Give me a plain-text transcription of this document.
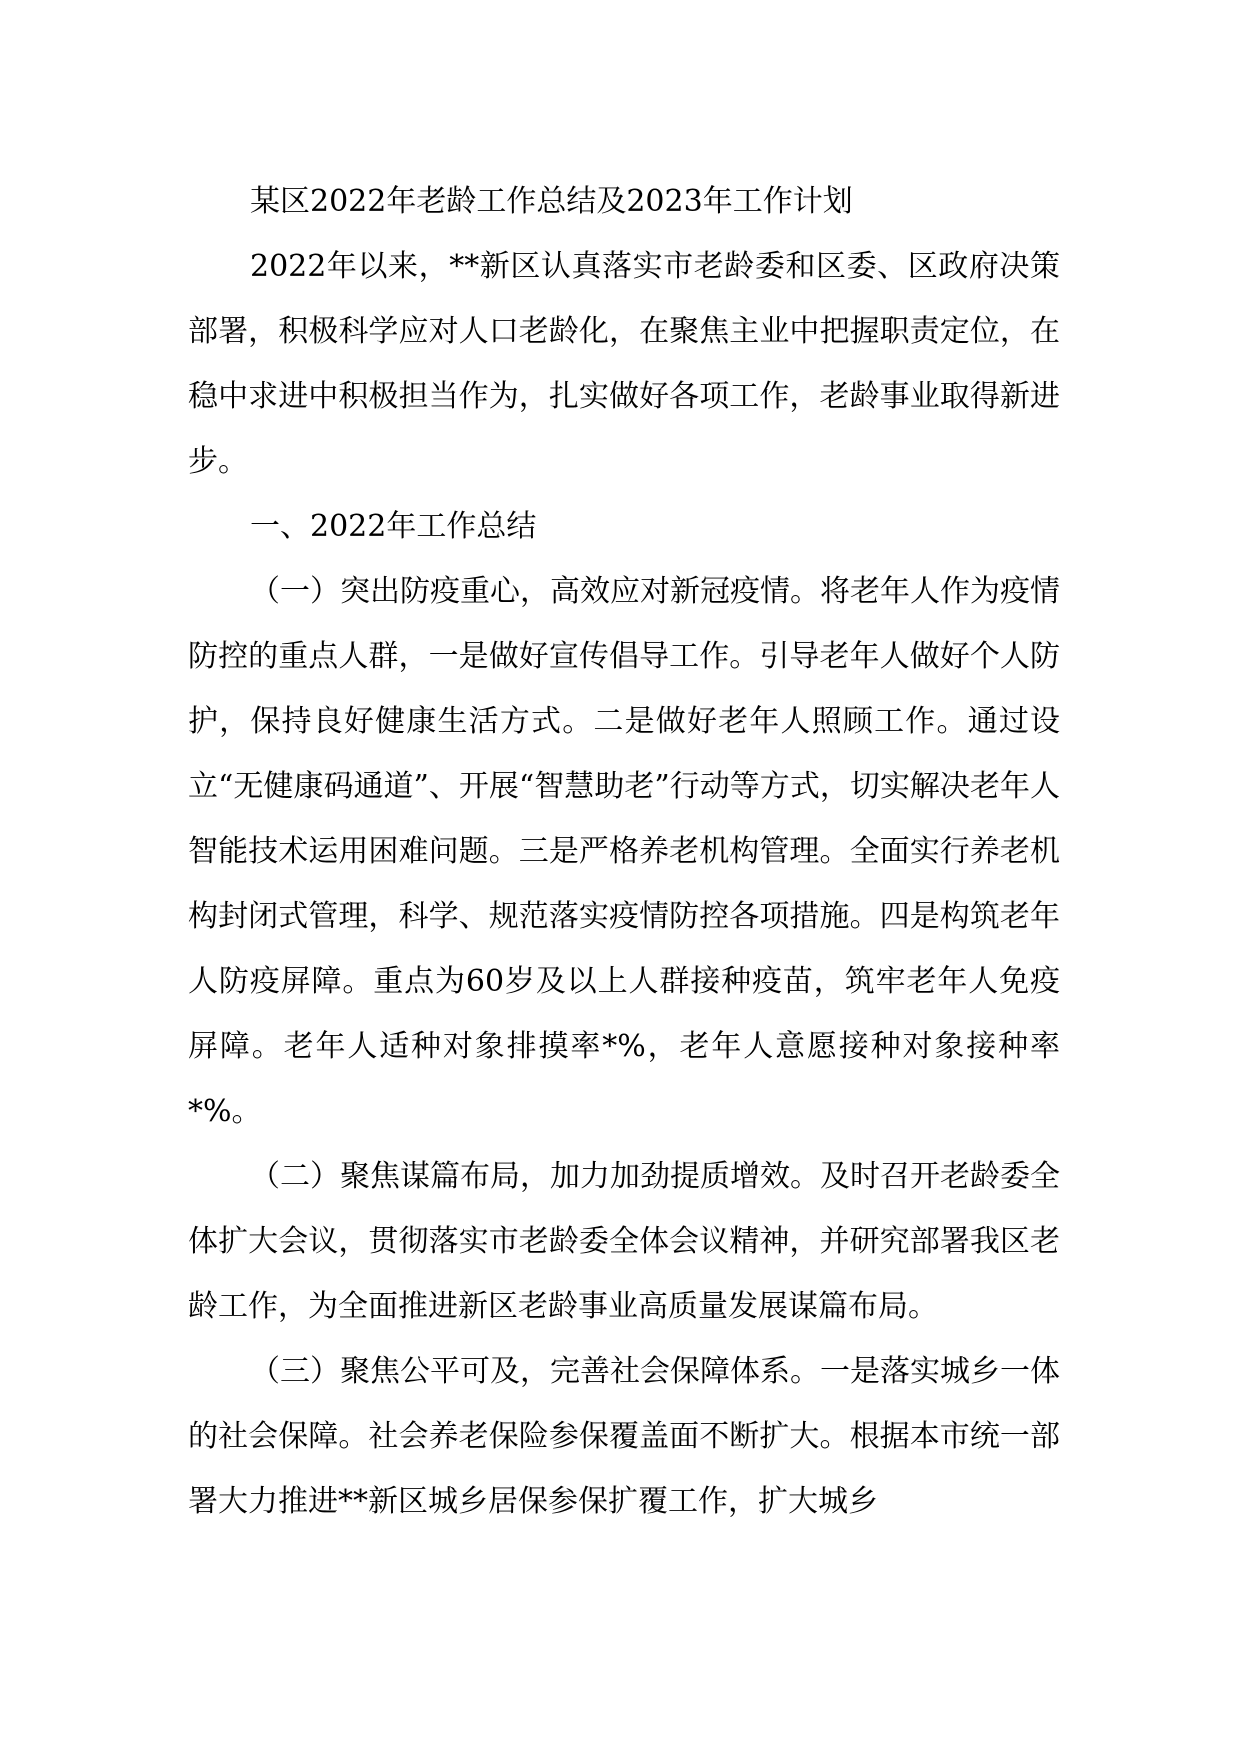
某区2022年老龄工作总结及2023年工作计划

2022年以来，**新区认真落实市老龄委和区委、区政府决策部署，积极科学应对人口老龄化，在聚焦主业中把握职责定位，在稳中求进中积极担当作为，扎实做好各项工作，老龄事业取得新进步。

一、2022年工作总结

（一）突出防疫重心，高效应对新冠疫情。将老年人作为疫情防控的重点人群，一是做好宣传倡导工作。引导老年人做好个人防护，保持良好健康生活方式。二是做好老年人照顾工作。通过设立“无健康码通道”、开展“智慧助老”行动等方式，切实解决老年人智能技术运用困难问题。三是严格养老机构管理。全面实行养老机构封闭式管理，科学、规范落实疫情防控各项措施。四是构筑老年人防疫屏障。重点为60岁及以上人群接种疫苗，筑牢老年人免疫屏障。老年人适种对象排摸率*%，老年人意愿接种对象接种率*%。

（二）聚焦谋篇布局，加力加劲提质增效。及时召开老龄委全体扩大会议，贯彻落实市老龄委全体会议精神，并研究部署我区老龄工作，为全面推进新区老龄事业高质量发展谋篇布局。

（三）聚焦公平可及，完善社会保障体系。一是落实城乡一体的社会保障。社会养老保险参保覆盖面不断扩大。根据本市统一部署大力推进**新区城乡居保参保扩覆工作，扩大城乡
